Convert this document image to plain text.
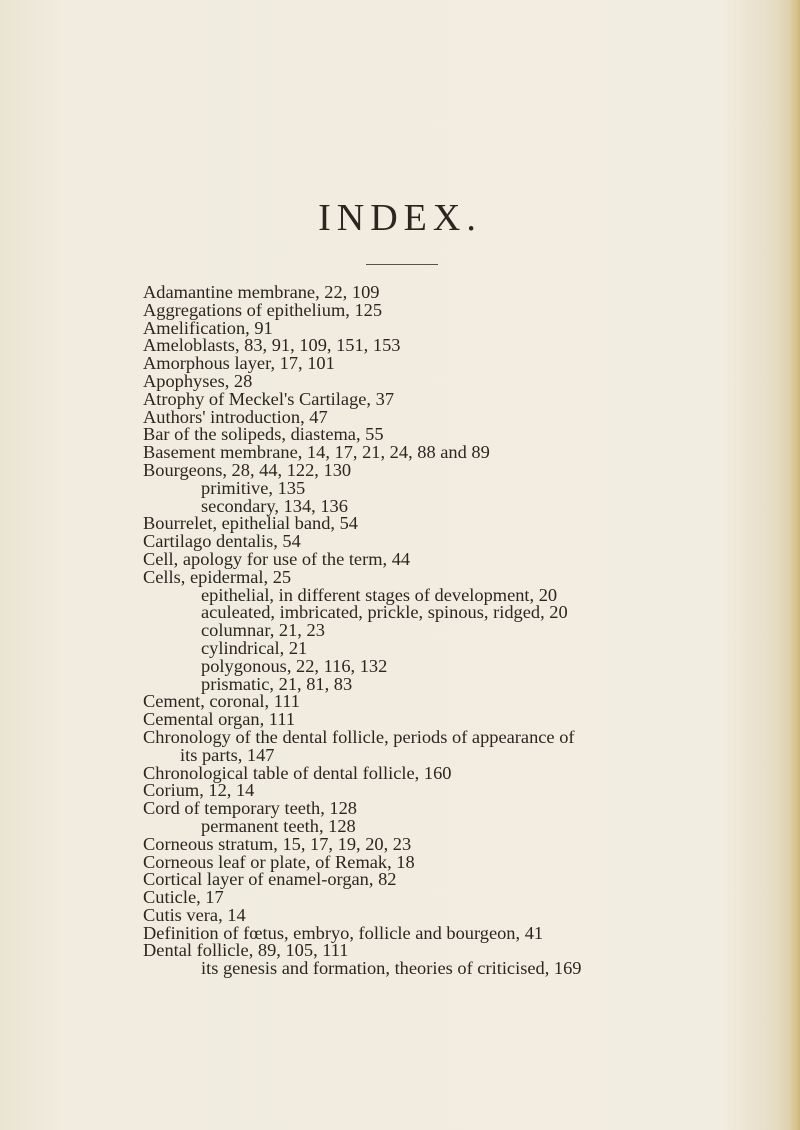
INDEX.
Adamantine membrane, 22, 109
Aggregations of epithelium, 125
Amelification, 91
Ameloblasts, 83, 91, 109, 151, 153
Amorphous layer, 17, 101
Apophyses, 28
Atrophy of Meckel's Cartilage, 37
Authors' introduction, 47
Bar of the solipeds, diastema, 55
Basement membrane, 14, 17, 21, 24, 88 and 89
Bourgeons, 28, 44, 122, 130
primitive, 135
secondary, 134, 136
Bourrelet, epithelial band, 54
Cartilago dentalis, 54
Cell, apology for use of the term, 44
Cells, epidermal, 25
epithelial, in different stages of development, 20
aculeated, imbricated, prickle, spinous, ridged, 20
columnar, 21, 23
cylindrical, 21
polygonous, 22, 116, 132
prismatic, 21, 81, 83
Cement, coronal, 111
Cemental organ, 111
Chronology of the dental follicle, periods of appearance of
its parts, 147
Chronological table of dental follicle, 160
Corium, 12, 14
Cord of temporary teeth, 128
permanent teeth, 128
Corneous stratum, 15, 17, 19, 20, 23
Corneous leaf or plate, of Remak, 18
Cortical layer of enamel-organ, 82
Cuticle, 17
Cutis vera, 14
Definition of fœtus, embryo, follicle and bourgeon, 41
Dental follicle, 89, 105, 111
its genesis and formation, theories of criticised, 169
